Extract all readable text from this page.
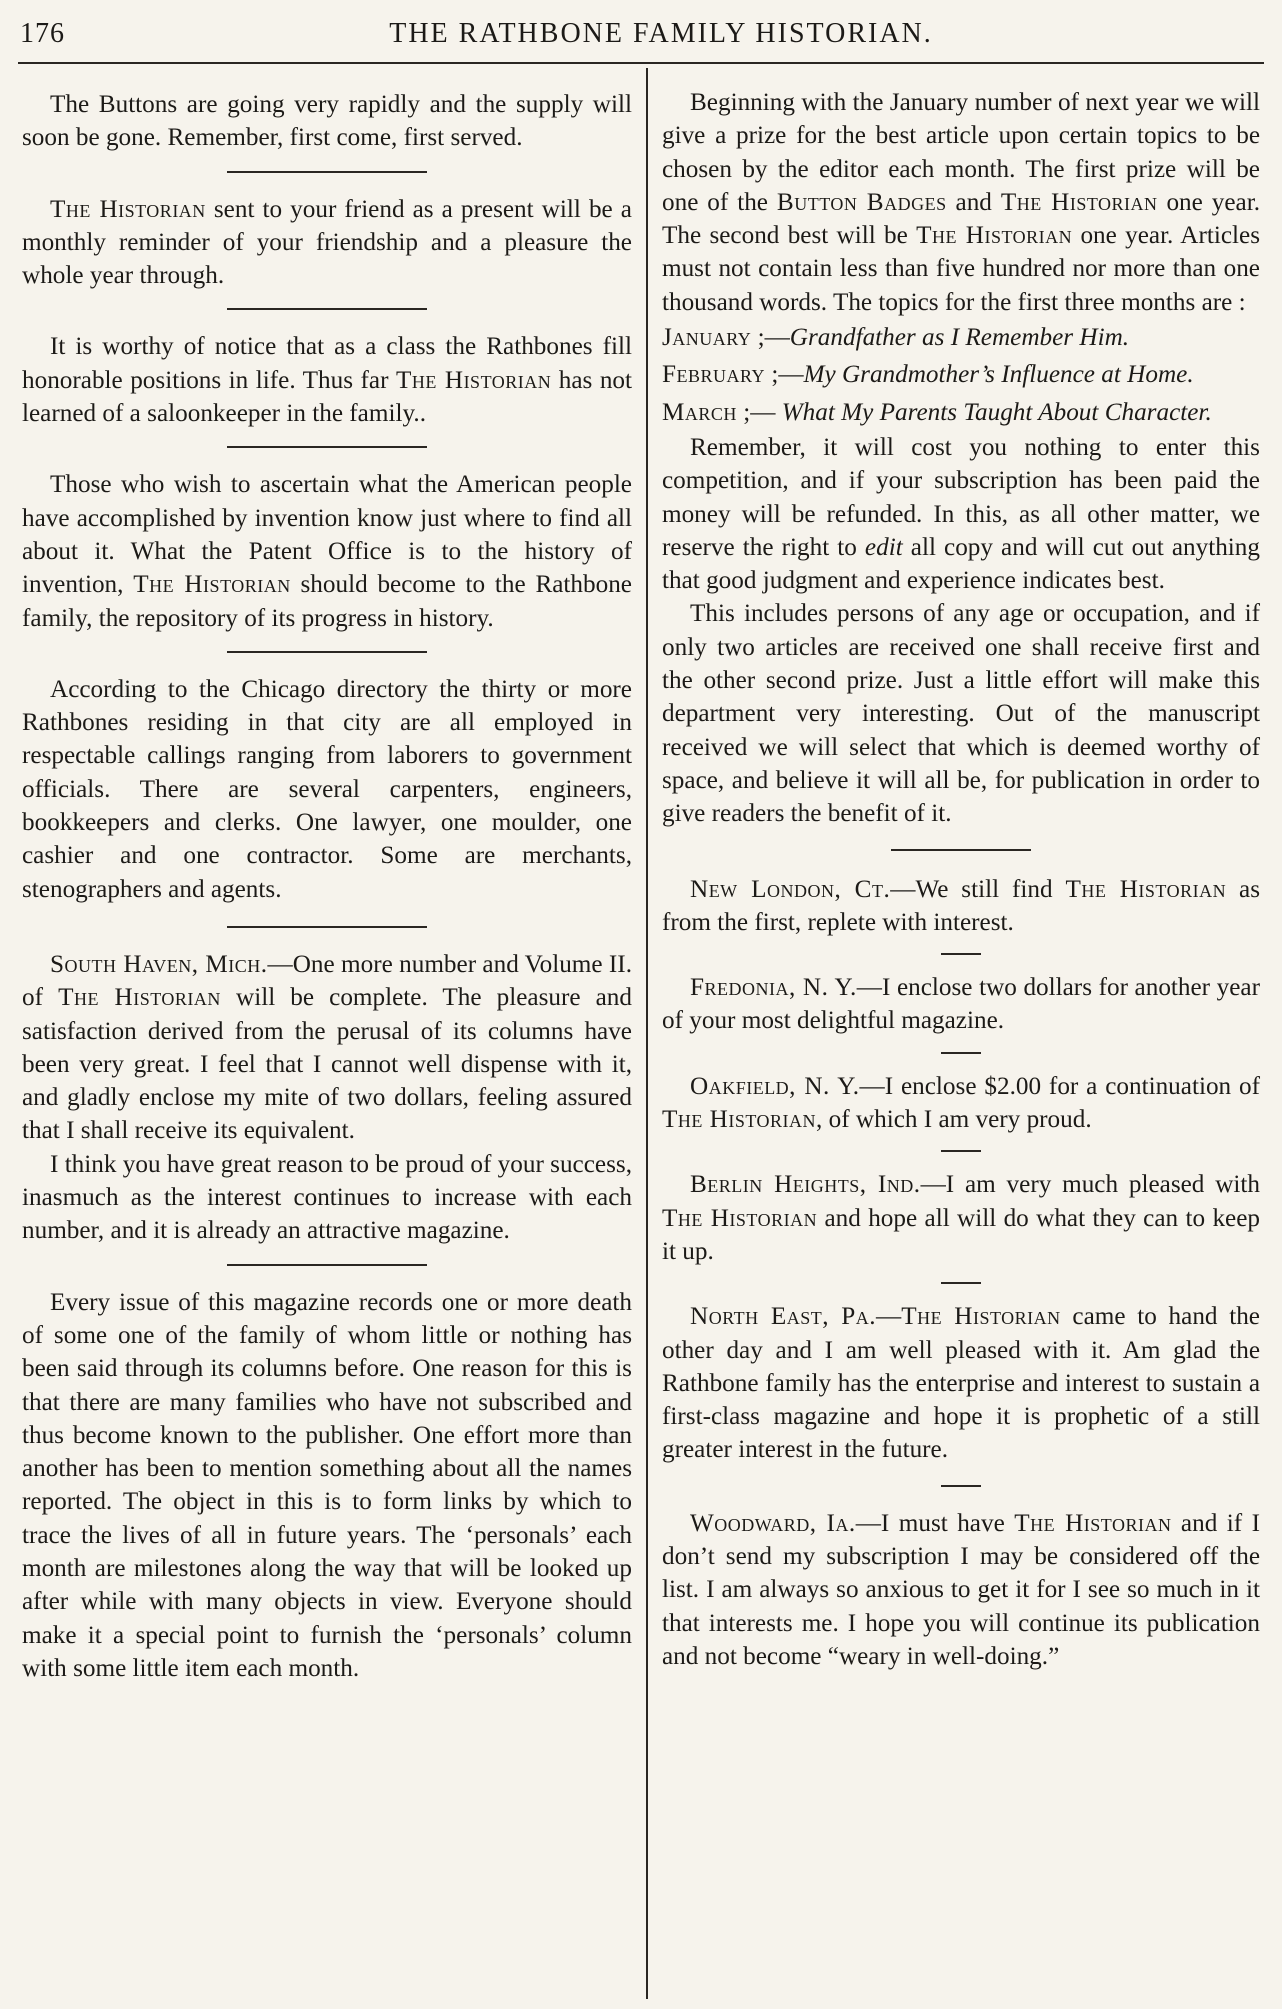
176	THE RATHBONE FAMILY HISTORIAN.

The Buttons are going very rapidly and the supply will soon be gone. Remember, first come, first served.

The Historian sent to your friend as a present will be a monthly reminder of your friendship and a pleasure the whole year through.

It is worthy of notice that as a class the Rathbones fill honorable positions in life. Thus far The Historian has not learned of a saloonkeeper in the family..

Those who wish to ascertain what the American people have accomplished by invention know just where to find all about it. What the Patent Office is to the history of invention, The Historian should become to the Rathbone family, the repository of its progress in history.

According to the Chicago directory the thirty or more Rathbones residing in that city are all employed in respectable callings ranging from laborers to government officials. There are several carpenters, engineers, bookkeepers and clerks. One lawyer, one moulder, one cashier and one contractor. Some are merchants, stenographers and agents.

South Haven, Mich.—One more number and Volume II. of The Historian will be complete. The pleasure and satisfaction derived from the perusal of its columns have been very great. I feel that I cannot well dispense with it, and gladly enclose my mite of two dollars, feeling assured that I shall receive its equivalent.

I think you have great reason to be proud of your success, inasmuch as the interest continues to increase with each number, and it is already an attractive magazine.

Every issue of this magazine records one or more death of some one of the family of whom little or nothing has been said through its columns before. One reason for this is that there are many families who have not subscribed and thus become known to the publisher. One effort more than another has been to mention something about all the names reported. The object in this is to form links by which to trace the lives of all in future years. The ‘personals’ each month are milestones along the way that will be looked up after while with many objects in view. Everyone should make it a special point to furnish the ‘personals’ column with some little item each month.

Beginning with the January number of next year we will give a prize for the best article upon certain topics to be chosen by the editor each month. The first prize will be one of the Button Badges and The Historian one year. The second best will be The Historian one year. Articles must not contain less than five hundred nor more than one thousand words. The topics for the first three months are :

January ;—Grandfather as I Remember Him.

February ;—My Grandmother’s Influence at Home.

March ;— What My Parents Taught About Character.

Remember, it will cost you nothing to enter this competition, and if your subscription has been paid the money will be refunded. In this, as all other matter, we reserve the right to edit all copy and will cut out anything that good judgment and experience indicates best.

This includes persons of any age or occupation, and if only two articles are received one shall receive first and the other second prize. Just a little effort will make this department very interesting. Out of the manuscript received we will select that which is deemed worthy of space, and believe it will all be, for publication in order to give readers the benefit of it.

New London, Ct.—We still find The Historian as from the first, replete with interest.

Fredonia, N. Y.—I enclose two dollars for another year of your most delightful magazine.

Oakfield, N. Y.—I enclose $2.00 for a continuation of The Historian, of which I am very proud.

Berlin Heights, Ind.—I am very much pleased with The Historian and hope all will do what they can to keep it up.

North East, Pa.—The Historian came to hand the other day and I am well pleased with it. Am glad the Rathbone family has the enterprise and interest to sustain a first-class magazine and hope it is prophetic of a still greater interest in the future.

Woodward, Ia.—I must have The Historian and if I don’t send my subscription I may be considered off the list. I am always so anxious to get it for I see so much in it that interests me. I hope you will continue its publication and not become “weary in well-doing.”
